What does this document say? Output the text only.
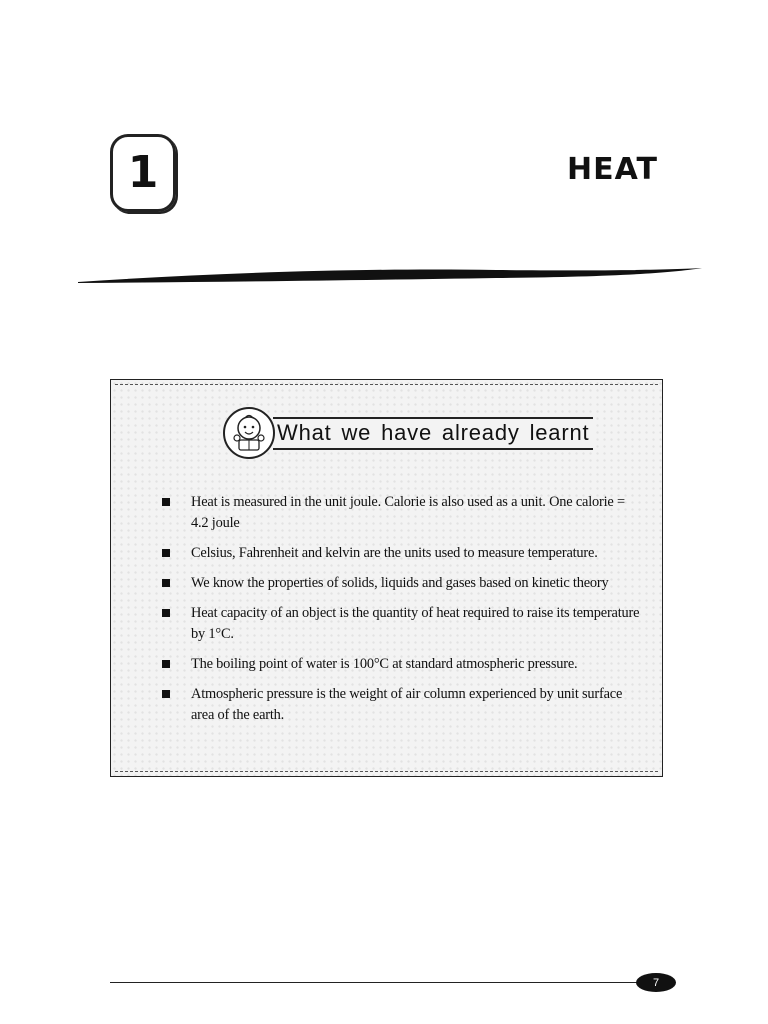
1	HEAT
What we have already learnt
Heat is measured in the unit joule. Calorie is also used as a unit. One calorie = 4.2 joule
Celsius, Fahrenheit and kelvin are the units used to measure temperature.
We know the properties of solids, liquids and gases based on kinetic theory
Heat capacity of an object is the quantity of heat required to raise its temperature by 1°C.
The boiling point of water is 100°C at standard atmospheric pressure.
Atmospheric pressure is the weight of air column experienced by unit surface area of the earth.
7
